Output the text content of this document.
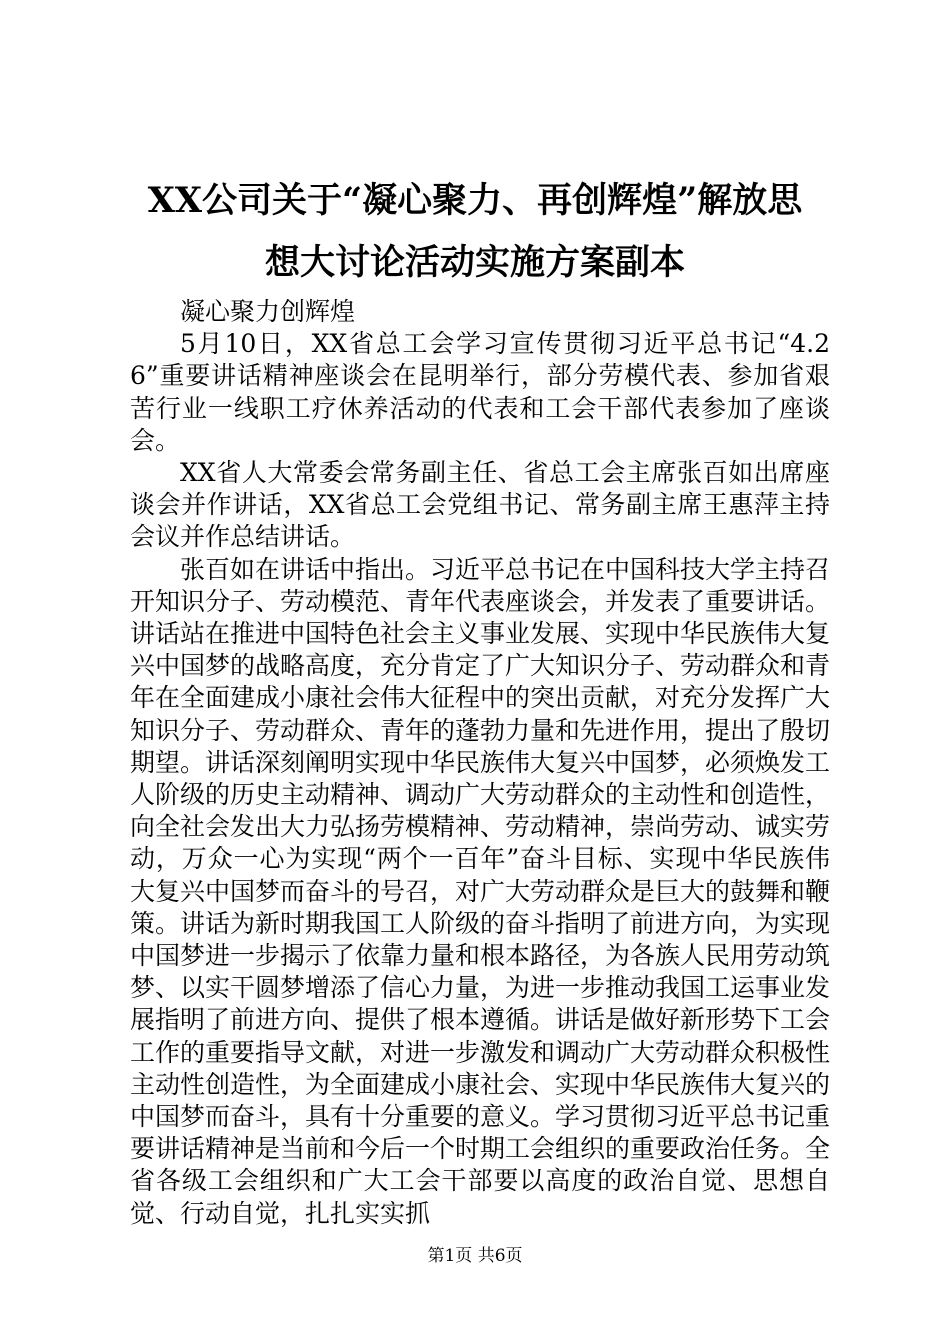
XX公司关于“凝心聚力、再创辉煌”解放思
想大讨论活动实施方案副本

凝心聚力创辉煌

5月10日，XX省总工会学习宣传贯彻习近平总书记“4.26”重要讲话精神座谈会在昆明举行，部分劳模代表、参加省艰苦行业一线职工疗休养活动的代表和工会干部代表参加了座谈会。

XX省人大常委会常务副主任、省总工会主席张百如出席座谈会并作讲话，XX省总工会党组书记、常务副主席王惠萍主持会议并作总结讲话。

张百如在讲话中指出。习近平总书记在中国科技大学主持召开知识分子、劳动模范、青年代表座谈会，并发表了重要讲话。讲话站在推进中国特色社会主义事业发展、实现中华民族伟大复兴中国梦的战略高度，充分肯定了广大知识分子、劳动群众和青年在全面建成小康社会伟大征程中的突出贡献，对充分发挥广大知识分子、劳动群众、青年的蓬勃力量和先进作用，提出了殷切期望。讲话深刻阐明实现中华民族伟大复兴中国梦，必须焕发工人阶级的历史主动精神、调动广大劳动群众的主动性和创造性，向全社会发出大力弘扬劳模精神、劳动精神，崇尚劳动、诚实劳动，万众一心为实现“两个一百年”奋斗目标、实现中华民族伟大复兴中国梦而奋斗的号召，对广大劳动群众是巨大的鼓舞和鞭策。讲话为新时期我国工人阶级的奋斗指明了前进方向，为实现中国梦进一步揭示了依靠力量和根本路径，为各族人民用劳动筑梦、以实干圆梦增添了信心力量，为进一步推动我国工运事业发展指明了前进方向、提供了根本遵循。讲话是做好新形势下工会工作的重要指导文献，对进一步激发和调动广大劳动群众积极性主动性创造性，为全面建成小康社会、实现中华民族伟大复兴的中国梦而奋斗，具有十分重要的意义。学习贯彻习近平总书记重要讲话精神是当前和今后一个时期工会组织的重要政治任务。全省各级工会组织和广大工会干部要以高度的政治自觉、思想自觉、行动自觉，扎扎实实抓

第1页 共6页
